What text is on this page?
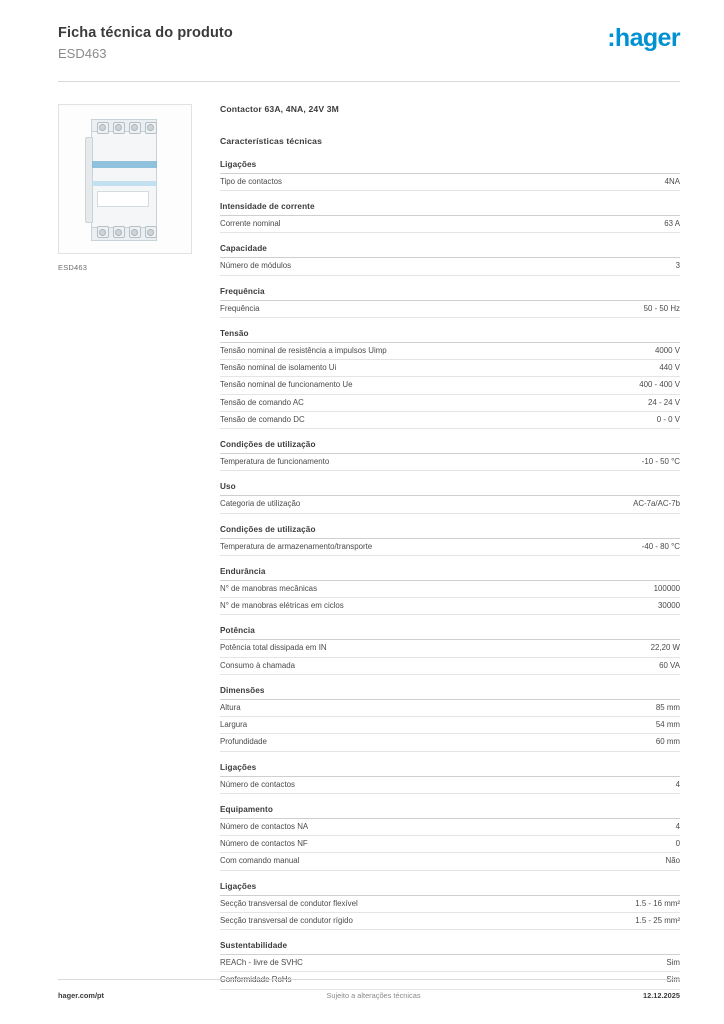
Ficha técnica do produto
ESD463
:hager
ESD463
Contactor 63A, 4NA, 24V 3M
Características técnicas
Ligações
Tipo de contactos	4NA
Intensidade de corrente
Corrente nominal	63 A
Capacidade
Número de módulos	3
Frequência
Frequência	50 - 50 Hz
Tensão
Tensão nominal de resistência a impulsos Uimp	4000 V
Tensão nominal de isolamento Ui	440 V
Tensão nominal de funcionamento Ue	400 - 400 V
Tensão de comando AC	24 - 24 V
Tensão de comando DC	0 - 0 V
Condições de utilização
Temperatura de funcionamento	-10 - 50 °C
Uso
Categoria de utilização	AC-7a/AC-7b
Condições de utilização
Temperatura de armazenamento/transporte	-40 - 80 °C
Endurância
N° de manobras mecânicas	100000
N° de manobras elétricas em ciclos	30000
Potência
Potência total dissipada em IN	22,20 W
Consumo à chamada	60 VA
Dimensões
Altura	85 mm
Largura	54 mm
Profundidade	60 mm
Ligações
Número de contactos	4
Equipamento
Número de contactos NA	4
Número de contactos NF	0
Com comando manual	Não
Ligações
Secção transversal de condutor flexível	1.5 - 16 mm²
Secção transversal de condutor rígido	1.5 - 25 mm²
Sustentabilidade
REACh - livre de SVHC	Sim
Conformidade RoHs	Sim
hager.com/pt	Sujeito a alterações técnicas	12.12.2025
